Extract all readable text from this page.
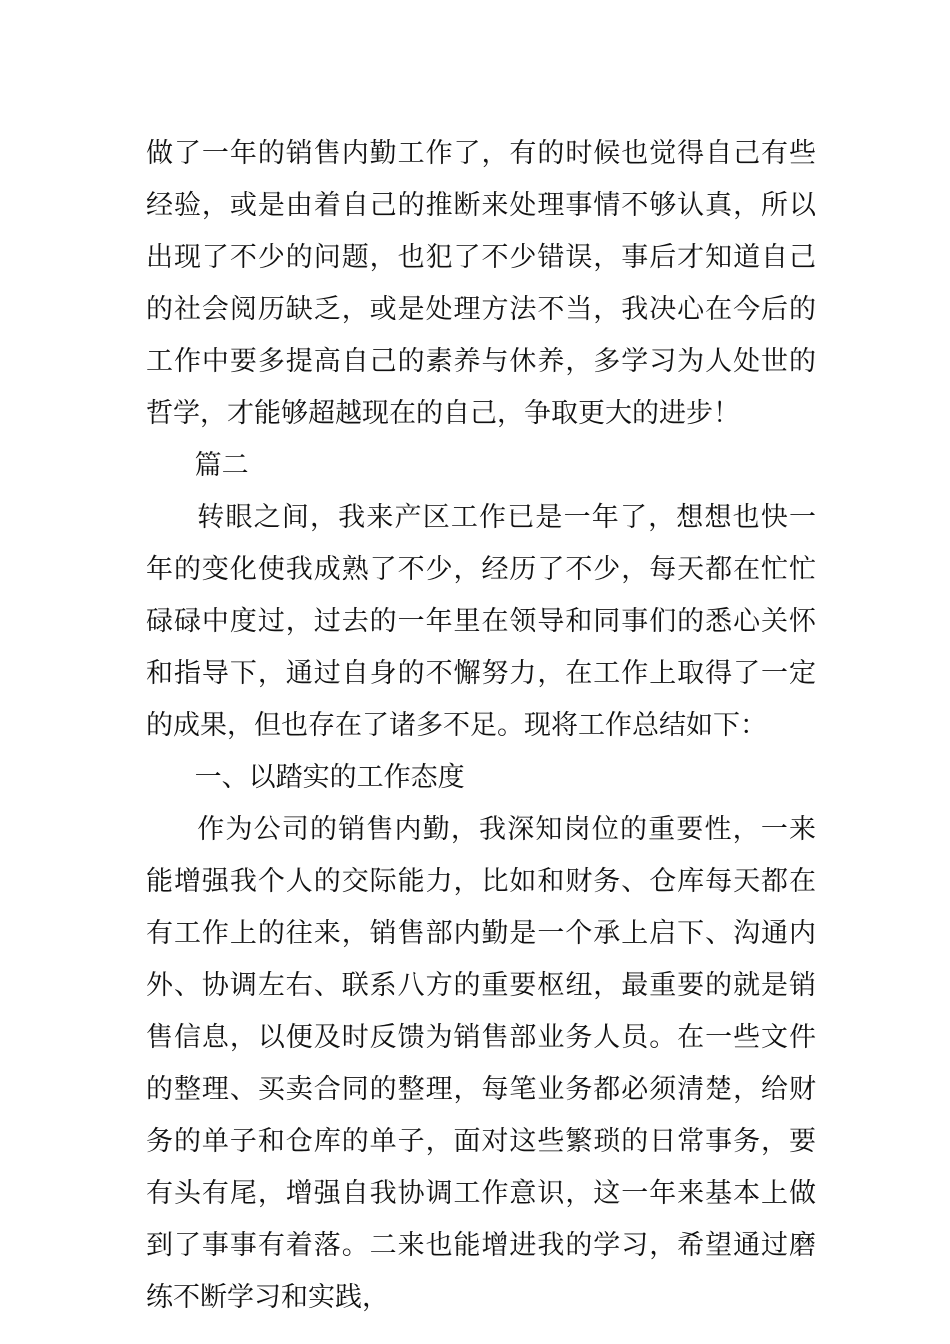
做了一年的销售内勤工作了，有的时候也觉得自己有些经验，或是由着自己的推断来处理事情不够认真，所以出现了不少的问题，也犯了不少错误，事后才知道自己的社会阅历缺乏，或是处理方法不当，我决心在今后的工作中要多提高自己的素养与休养，多学习为人处世的哲学，才能够超越现在的自己，争取更大的进步！

篇二

转眼之间，我来产区工作已是一年了，想想也快一年的变化使我成熟了不少，经历了不少，每天都在忙忙碌碌中度过，过去的一年里在领导和同事们的悉心关怀和指导下，通过自身的不懈努力，在工作上取得了一定的成果，但也存在了诸多不足。现将工作总结如下：

一、以踏实的工作态度

作为公司的销售内勤，我深知岗位的重要性，一来能增强我个人的交际能力，比如和财务、仓库每天都在有工作上的往来，销售部内勤是一个承上启下、沟通内外、协调左右、联系八方的重要枢纽，最重要的就是销售信息，以便及时反馈为销售部业务人员。在一些文件的整理、买卖合同的整理，每笔业务都必须清楚，给财务的单子和仓库的单子，面对这些繁琐的日常事务，要有头有尾，增强自我协调工作意识，这一年来基本上做到了事事有着落。二来也能增进我的学习，希望通过磨练不断学习和实践，
